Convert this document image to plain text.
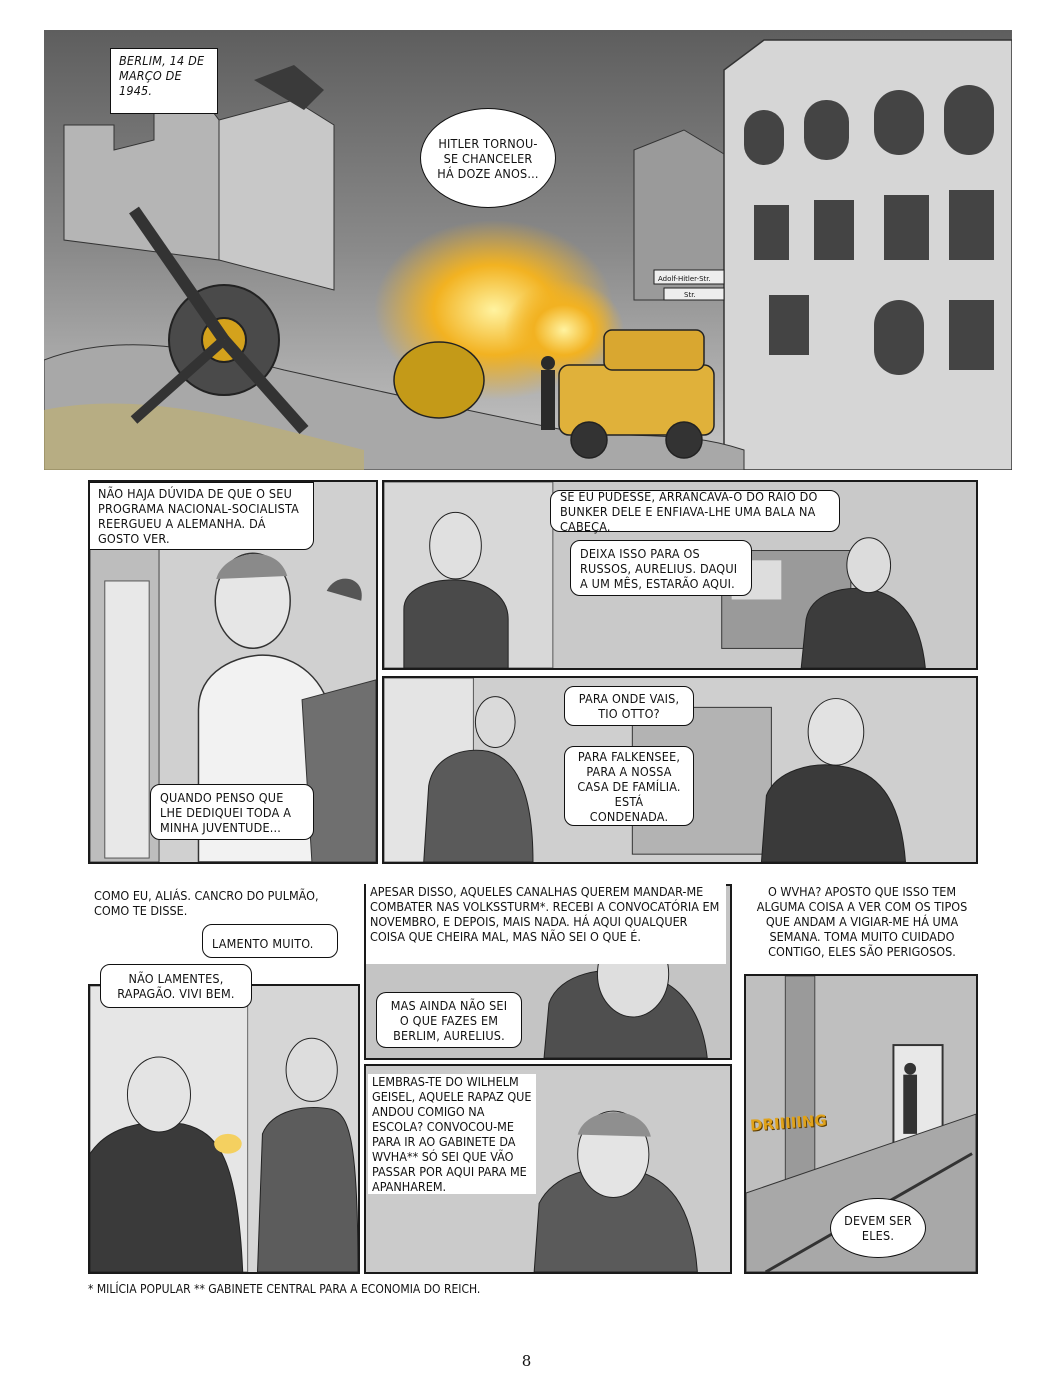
Adolf-Hitler-Str.
Str.
BERLIM, 14 DE MARÇO DE 1945.
HITLER TORNOU-SE CHANCELER HÁ DOZE ANOS...
NÃO HAJA DÚVIDA DE QUE O SEU PROGRAMA NACIONAL-SOCIALISTA REERGUEU A ALEMANHA. DÁ GOSTO VER.
QUANDO PENSO QUE LHE DEDIQUEI TODA A MINHA JUVENTUDE...
SE EU PUDESSE, ARRANCAVA-O DO RAIO DO BUNKER DELE E ENFIAVA-LHE UMA BALA NA CABEÇA.
DEIXA ISSO PARA OS RUSSOS, AURELIUS. DAQUI A UM MÊS, ESTARÃO AQUI.
PARA ONDE VAIS, TIO OTTO?
PARA FALKENSEE, PARA A NOSSA CASA DE FAMÍLIA. ESTÁ CONDENADA.
COMO EU, ALIÁS. CANCRO DO PULMÃO, COMO TE DISSE.
LAMENTO MUITO.
NÃO LAMENTES, RAPAGÃO. VIVI BEM.
APESAR DISSO, AQUELES CANALHAS QUEREM MANDAR-ME COMBATER NAS VOLKSSTURM*. RECEBI A CONVOCATÓRIA EM NOVEMBRO, E DEPOIS, MAIS NADA. HÁ AQUI QUALQUER COISA QUE CHEIRA MAL, MAS NÃO SEI O QUE É.
MAS AINDA NÃO SEI O QUE FAZES EM BERLIM, AURELIUS.
LEMBRAS-TE DO WILHELM GEISEL, AQUELE RAPAZ QUE ANDOU COMIGO NA ESCOLA? CONVOCOU-ME PARA IR AO GABINETE DA WVHA** SÓ SEI QUE VÃO PASSAR POR AQUI PARA ME APANHAREM.
DRIIIIING
O WVHA? APOSTO QUE ISSO TEM ALGUMA COISA A VER COM OS TIPOS QUE ANDAM A VIGIAR-ME HÁ UMA SEMANA. TOMA MUITO CUIDADO CONTIGO, ELES SÃO PERIGOSOS.
DEVEM SER ELES.
* MILÍCIA POPULAR ** GABINETE CENTRAL PARA A ECONOMIA DO REICH.
8
